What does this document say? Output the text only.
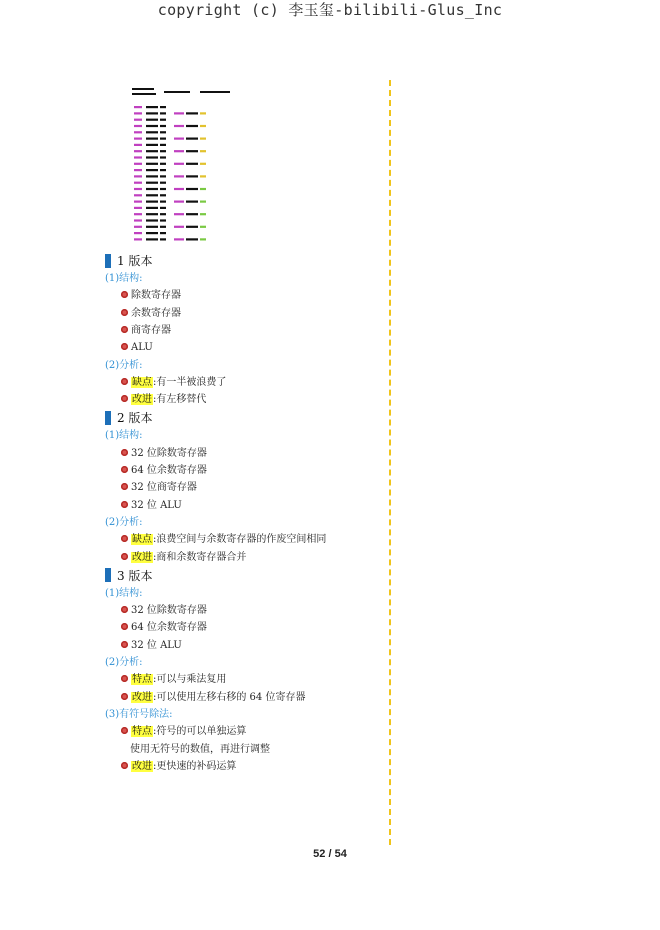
copyright (c) 李玉玺-bilibili-Glus_Inc
1 版本
(1)结构:
除数寄存器
余数寄存器
商寄存器
ALU
(2)分析:
缺点:有一半被浪费了
改进:有左移替代
2 版本
(1)结构:
32 位除数寄存器
64 位余数寄存器
32 位商寄存器
32 位 ALU
(2)分析:
缺点:浪费空间与余数寄存器的作废空间相同
改进:商和余数寄存器合并
3 版本
(1)结构:
32 位除数寄存器
64 位余数寄存器
32 位 ALU
(2)分析:
特点:可以与乘法复用
改进:可以使用左移右移的 64 位寄存器
(3)有符号除法:
特点:符号的可以单独运算
使用无符号的数值，再进行调整
改进:更快速的补码运算
52 / 54
